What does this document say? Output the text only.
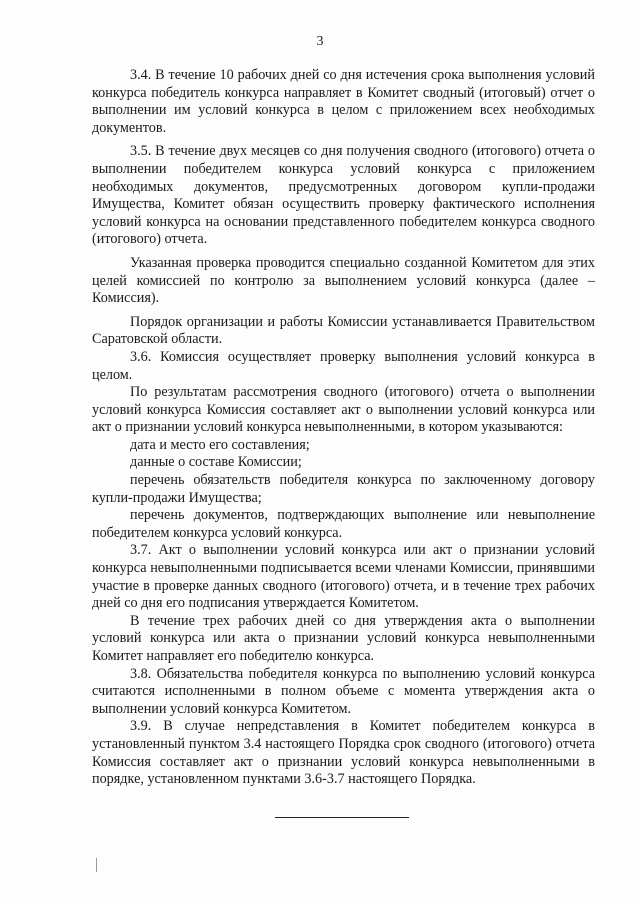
3

3.4. В течение 10 рабочих дней со дня истечения срока выполнения условий конкурса победитель конкурса направляет в Комитет сводный (итоговый) отчет о выполнении им условий конкурса в целом с приложением всех необходимых документов.

3.5. В течение двух месяцев со дня получения сводного (итогового) отчета о выполнении победителем конкурса условий конкурса с приложением необходимых документов, предусмотренных договором купли-продажи Имущества, Комитет обязан осуществить проверку фактического исполнения условий конкурса на основании представленного победителем конкурса сводного (итогового) отчета.

Указанная проверка проводится специально созданной Комитетом для этих целей комиссией по контролю за выполнением условий конкурса (далее – Комиссия).

Порядок организации и работы Комиссии устанавливается Правительством Саратовской области.

3.6. Комиссия осуществляет проверку выполнения условий конкурса в целом.

По результатам рассмотрения сводного (итогового) отчета о выполнении условий конкурса Комиссия составляет акт о выполнении условий конкурса или акт о признании условий конкурса невыполненными, в котором указываются:

дата и место его составления;

данные о составе Комиссии;

перечень обязательств победителя конкурса по заключенному договору купли-продажи Имущества;

перечень документов, подтверждающих выполнение или невыполнение победителем конкурса условий конкурса.

3.7. Акт о выполнении условий конкурса или акт о признании условий конкурса невыполненными подписывается всеми членами Комиссии, принявшими участие в проверке данных сводного (итогового) отчета, и в течение трех рабочих дней со дня его подписания утверждается Комитетом.

В течение трех рабочих дней со дня утверждения акта о выполнении условий конкурса или акта о признании условий конкурса невыполненными Комитет направляет его победителю конкурса.

3.8. Обязательства победителя конкурса по выполнению условий конкурса считаются исполненными в полном объеме с момента утверждения акта о выполнении условий конкурса Комитетом.

3.9. В случае непредставления в Комитет победителем конкурса в установленный пунктом 3.4 настоящего Порядка срок сводного (итогового) отчета Комиссия составляет акт о признании условий конкурса невыполненными в порядке, установленном пунктами 3.6-3.7 настоящего Порядка.
